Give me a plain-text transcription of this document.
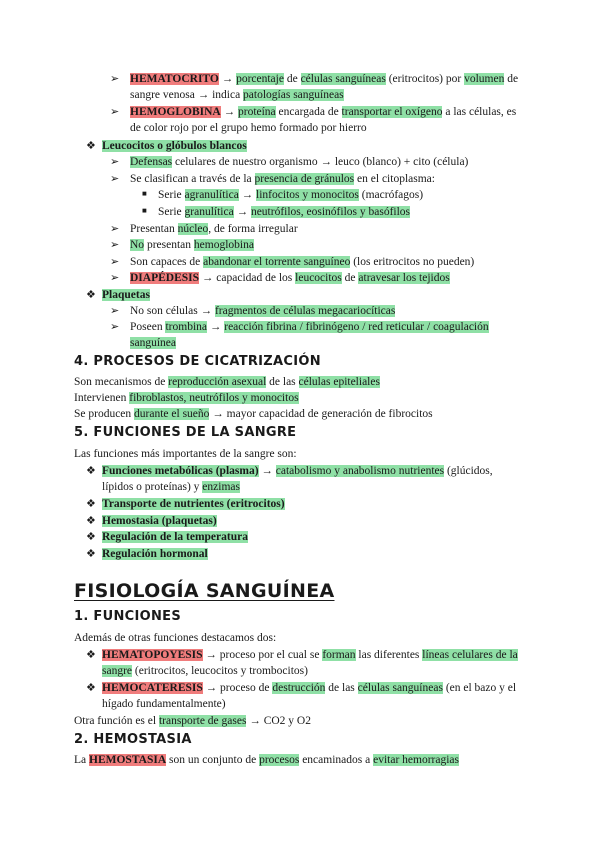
➢
➢
❖
➢
➢
■
■
➢
➢
➢
➢
❖
➢
➢
❖
❖
❖
❖
❖
❖
❖
HEMATOCRITO → porcentaje de células sanguíneas (eritrocitos) por volumen de
sangre venosa → indica patologías sanguíneas
HEMOGLOBINA → proteína encargada de transportar el oxígeno a las células, es
de color rojo por el grupo hemo formado por hierro
Leucocitos o glóbulos blancos
Defensas celulares de nuestro organismo → leuco (blanco) + cito (célula)
Se clasifican a través de la presencia de gránulos en el citoplasma:
Serie agranulítica → linfocitos y monocitos (macrófagos)
Serie granulítica → neutrófilos, eosinófilos y basófilos
Presentan núcleo, de forma irregular
No presentan hemoglobina
Son capaces de abandonar el torrente sanguíneo (los eritrocitos no pueden)
DIAPÉDESIS → capacidad de los leucocitos de atravesar los tejidos
Plaquetas
No son células → fragmentos de células megacariocíticas
Poseen trombina → reacción fibrina / fibrinógeno / red reticular / coagulación
sanguínea
4. PROCESOS DE CICATRIZACIÓN
Son mecanismos de reproducción asexual de las células epiteliales
Intervienen fibroblastos, neutrófilos y monocitos
Se producen durante el sueño → mayor capacidad de generación de fibrocitos
5. FUNCIONES DE LA SANGRE
Las funciones más importantes de la sangre son:
Funciones metabólicas (plasma) → catabolismo y anabolismo nutrientes (glúcidos,
lípidos o proteínas) y enzimas
Transporte de nutrientes (eritrocitos)
Hemostasia (plaquetas)
Regulación de la temperatura
Regulación hormonal
FISIOLOGÍA SANGUÍNEA
1. FUNCIONES
Además de otras funciones destacamos dos:
HEMATOPOYESIS → proceso por el cual se forman las diferentes líneas celulares de la
sangre (eritrocitos, leucocitos y trombocitos)
HEMOCATERESIS → proceso de destrucción de las células sanguíneas (en el bazo y el
hígado fundamentalmente)
Otra función es el transporte de gases → CO2 y O2
2. HEMOSTASIA
La HEMOSTASIA son un conjunto de procesos encaminados a evitar hemorragias
